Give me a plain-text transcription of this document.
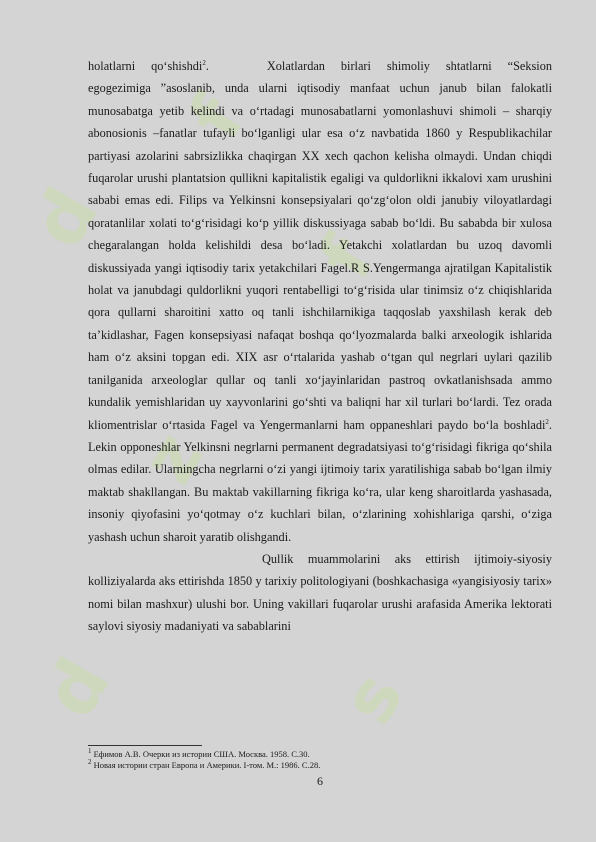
d
z
f
d	s
f

holatlarni qo‘shishdi$^2$.	Xolatlardan birlari shimoliy shtatlarni “Seksion egogezimiga ”asoslanib, unda ularni iqtisodiy manfaat uchun janub bilan falokatli munosabatga yetib kelindi va o‘rtadagi munosabatlarni yomonlashuvi shimoli – sharqiy abonosionis –fanatlar tufayli bo‘lganligi ular esa o‘z navbatida 1860 y Respublikachilar partiyasi azolarini sabrsizlikka chaqirgan XX xech qachon kelisha olmaydi. Undan chiqdi fuqarolar urushi plantatsion qullikni kapitalistik egaligi va quldorlikni ikkalovi xam urushini sababi emas edi. Filips va Yelkinsni konsepsiyalari qo‘zg‘olon oldi janubiy viloyatlardagi qoratanlilar xolati to‘g‘risidagi ko‘p yillik diskussiyaga sabab bo‘ldi. Bu sababda bir xulosa chegaralangan holda kelishildi desa bo‘ladi. Yetakchi xolatlardan bu uzoq davomli diskussiyada yangi iqtisodiy tarix yetakchilari Fagel.R S.Yengermanga ajratilgan Kapitalistik holat va janubdagi quldorlikni yuqori rentabelligi to‘g‘risida ular tinimsiz o‘z chiqishlarida qora qullarni sharoitini xatto oq tanli ishchilarnikiga taqqoslab yaxshilash kerak deb ta’kidlashar, Fagen konsepsiyasi nafaqat boshqa qo‘lyozmalarda balki arxeologik ishlarida ham o‘z aksini topgan edi. XIX asr o‘rtalarida yashab o‘tgan qul negrlari uylari qazilib tanilganida arxeologlar qullar oq tanli xo‘jayinlaridan pastroq ovkatlanishsada ammo kundalik yemishlaridan uy xayvonlarini go‘shti va baliqni har xil turlari bo‘lardi. Tez orada kliomentrislar o‘rtasida Fagel va Yengermanlarni ham oppaneshlari paydo bo‘la boshladi$^2$. Lekin opponeshlar Yelkinsni negrlarni permanent degradatsiyasi to‘g‘risidagi fikriga qo‘shila olmas edilar. Ularningcha negrlarni o‘zi yangi ijtimoiy tarix yaratilishiga sabab bo‘lgan ilmiy maktab shakllangan. Bu maktab vakillarning fikriga ko‘ra, ular keng sharoitlarda yashasada, insoniy qiyofasini yo‘qotmay o‘z kuchlari bilan, o‘zlarining xohishlariga qarshi, o‘ziga yashash uchun sharoit yaratib olishgandi.

Qullik muammolarini aks ettirish ijtimoiy-siyosiy kolliziyalarda aks ettirishda 1850 y tarixiy politologiyani (boshkachasiga «yangisiyosiy tarix» nomi bilan mashxur) ulushi bor. Uning vakillari fuqarolar urushi arafasida Amerika lektorati saylovi siyosiy madaniyati va sabablarini

$^1$ Ефимов А.В. Очерки из истории США. Москва. 1958. С.30.
$^2$ Новая истории стран Европа и Америки. I-том. М.: 1986. С.28.
6
